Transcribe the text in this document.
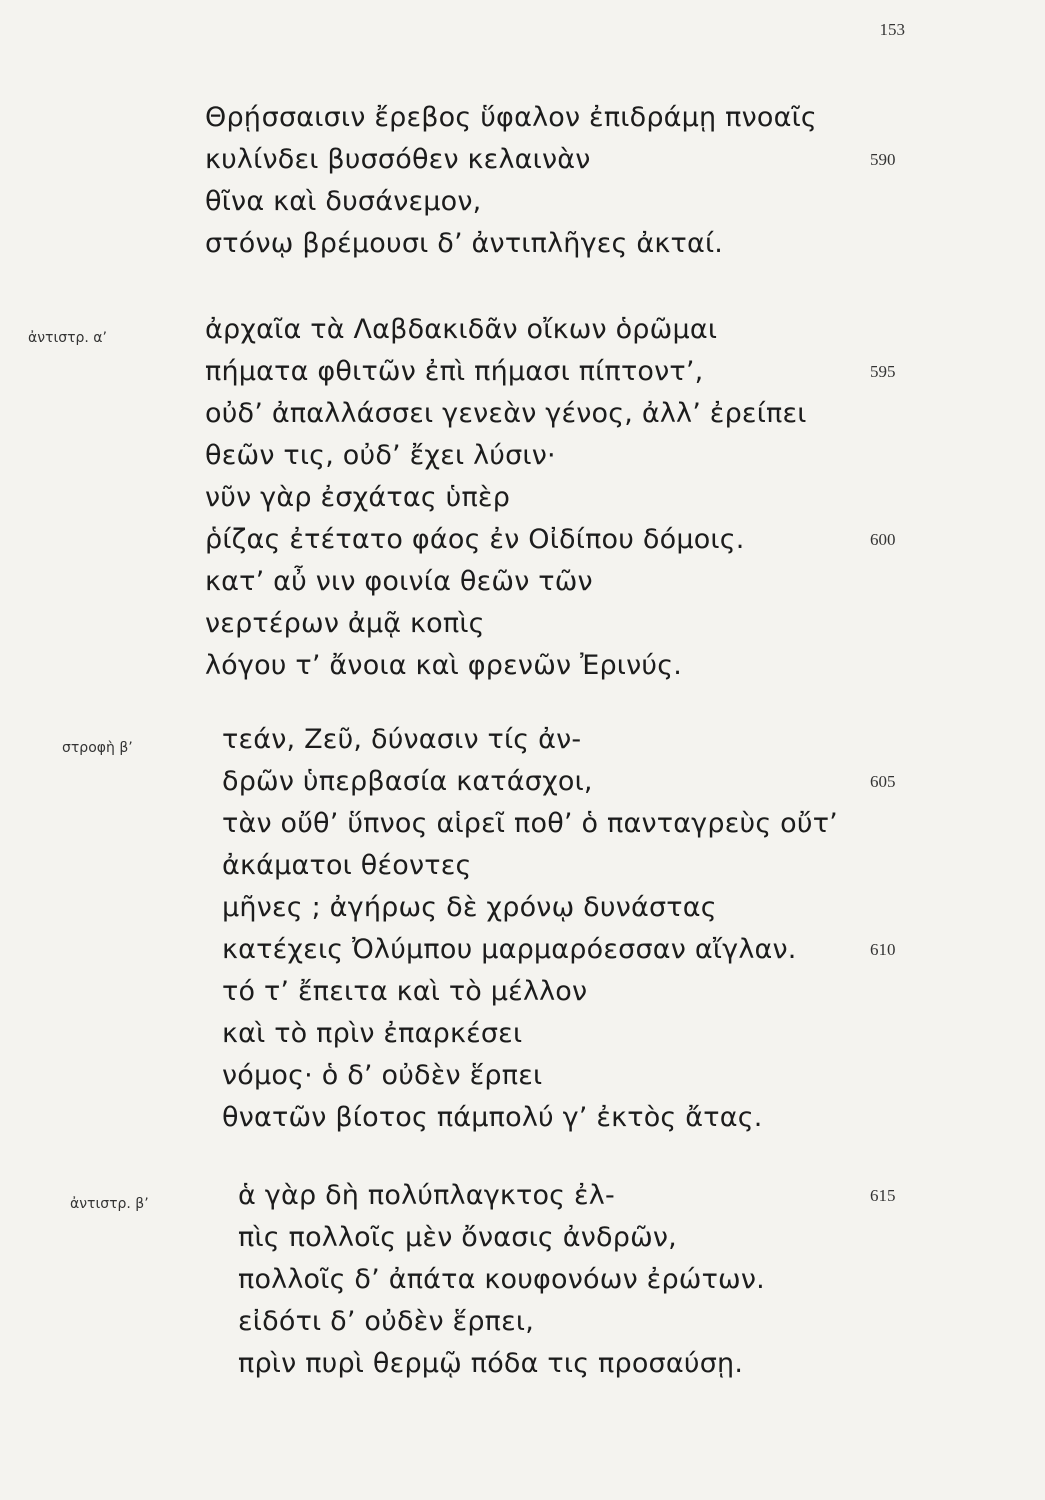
153
Θρῄσσαισιν ἔρεβος ὕφαλον ἐπιδράμῃ πνοαῖς
κυλίνδει βυσσόθεν κελαινὰν	590
θῖνα καὶ δυσάνεμον,
στόνῳ βρέμουσι δ’ ἀντιπλῆγες ἀκταί.
ἀντιστρ. α’	ἀρχαῖα τὰ Λαβδακιδᾶν οἴκων ὁρῶμαι
πήματα φθιτῶν ἐπὶ πήμασι πίπτοντ’,	595
οὐδ’ ἀπαλλάσσει γενεὰν γένος, ἀλλ’ ἐρείπει
θεῶν τις, οὐδ’ ἔχει λύσιν·
νῦν γὰρ ἐσχάτας ὑπὲρ
ῥίζας ἐτέτατο φάος ἐν Οἰδίπου δόμοις.	600
κατ’ αὖ νιν φοινία θεῶν τῶν
νερτέρων ἀμᾷ κοπὶς
λόγου τ’ ἄνοια καὶ φρενῶν Ἐρινύς.
στροφὴ β’	τεάν, Ζεῦ, δύνασιν τίς ἀν-
δρῶν ὑπερβασία κατάσχοι,	605
τὰν οὔθ’ ὕπνος αἱρεῖ ποθ’ ὁ πανταγρεὺς οὔτ’
ἀκάματοι θέοντες
μῆνες ; ἀγήρως δὲ χρόνῳ δυνάστας
κατέχεις Ὀλύμπου μαρμαρόεσσαν αἴγλαν.	610
τό τ’ ἔπειτα καὶ τὸ μέλλον
καὶ τὸ πρὶν ἐπαρκέσει
νόμος· ὁ δ’ οὐδὲν ἕρπει
θνατῶν βίοτος πάμπολύ γ’ ἐκτὸς ἄτας.
ἀντιστρ. β’	ἁ γὰρ δὴ πολύπλαγκτος ἐλ-	615
πὶς πολλοῖς μὲν ὄνασις ἀνδρῶν,
πολλοῖς δ’ ἀπάτα κουφονόων ἐρώτων.
εἰδότι δ’ οὐδὲν ἕρπει,
πρὶν πυρὶ θερμῷ πόδα τις προσαύσῃ.
